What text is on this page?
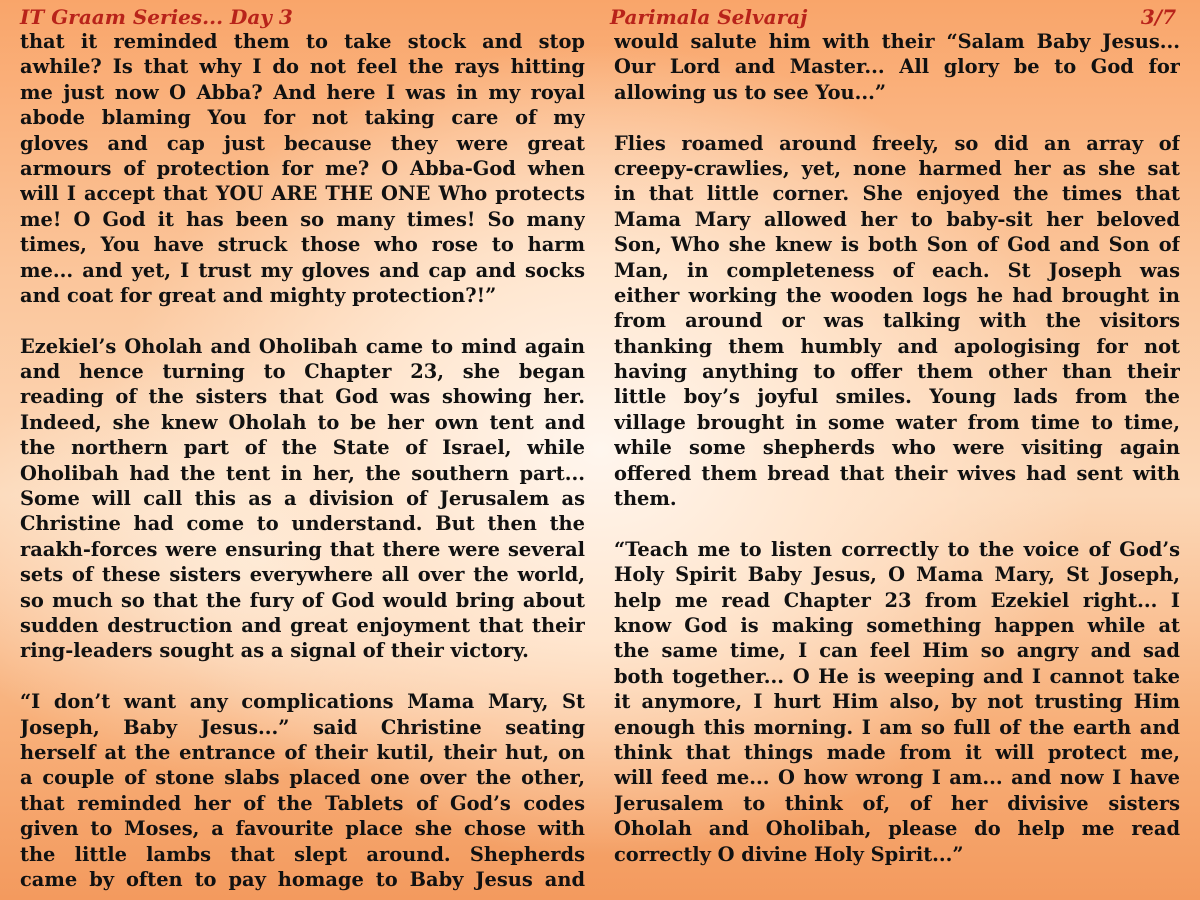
IT Graam Series... Day 3	Parimala Selvaraj	3/7
that it reminded them to take stock and stop
awhile? Is that why I do not feel the rays hitting
me just now O Abba? And here I was in my royal
abode blaming You for not taking care of my
gloves and cap just because they were great
armours of protection for me? O Abba-God when
will I accept that YOU ARE THE ONE Who protects
me! O God it has been so many times! So many
times, You have struck those who rose to harm
me... and yet, I trust my gloves and cap and socks
and coat for great and mighty protection?!”
Ezekiel’s Oholah and Oholibah came to mind again
and hence turning to Chapter 23, she began
reading of the sisters that God was showing her.
Indeed, she knew Oholah to be her own tent and
the northern part of the State of Israel, while
Oholibah had the tent in her, the southern part...
Some will call this as a division of Jerusalem as
Christine had come to understand. But then the
raakh-forces were ensuring that there were several
sets of these sisters everywhere all over the world,
so much so that the fury of God would bring about
sudden destruction and great enjoyment that their
ring-leaders sought as a signal of their victory.
“I don’t want any complications Mama Mary, St
Joseph, Baby Jesus...” said Christine seating
herself at the entrance of their kutil, their hut, on
a couple of stone slabs placed one over the other,
that reminded her of the Tablets of God’s codes
given to Moses, a favourite place she chose with
the little lambs that slept around. Shepherds
came by often to pay homage to Baby Jesus and
would salute him with their “Salam Baby Jesus...
Our Lord and Master... All glory be to God for
allowing us to see You...”
Flies roamed around freely, so did an array of
creepy-crawlies, yet, none harmed her as she sat
in that little corner. She enjoyed the times that
Mama Mary allowed her to baby-sit her beloved
Son, Who she knew is both Son of God and Son of
Man, in completeness of each. St Joseph was
either working the wooden logs he had brought in
from around or was talking with the visitors
thanking them humbly and apologising for not
having anything to offer them other than their
little boy’s joyful smiles. Young lads from the
village brought in some water from time to time,
while some shepherds who were visiting again
offered them bread that their wives had sent with
them.
“Teach me to listen correctly to the voice of God’s
Holy Spirit Baby Jesus, O Mama Mary, St Joseph,
help me read Chapter 23 from Ezekiel right... I
know God is making something happen while at
the same time, I can feel Him so angry and sad
both together... O He is weeping and I cannot take
it anymore, I hurt Him also, by not trusting Him
enough this morning. I am so full of the earth and
think that things made from it will protect me,
will feed me... O how wrong I am... and now I have
Jerusalem to think of, of her divisive sisters
Oholah and Oholibah, please do help me read
correctly O divine Holy Spirit...”
